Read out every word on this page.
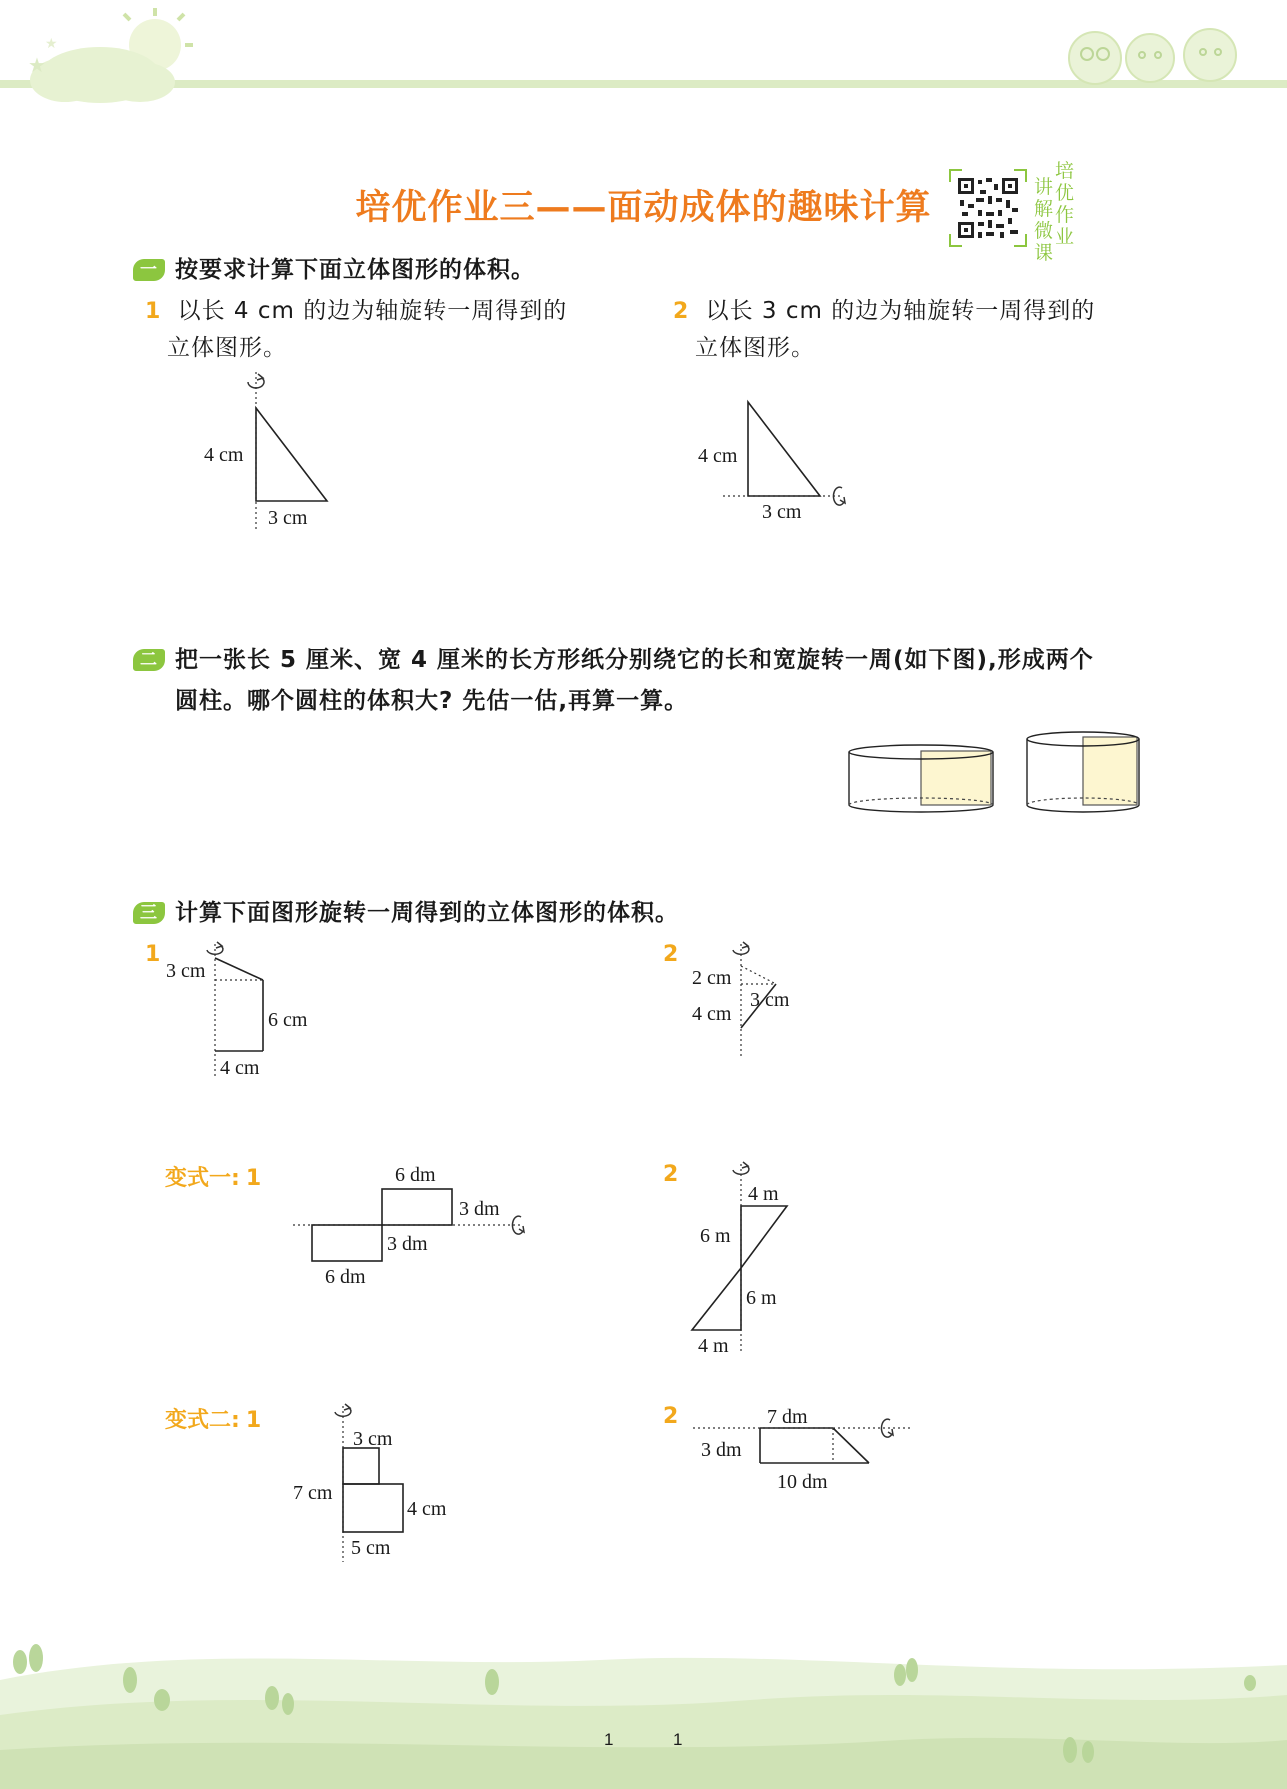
★
★
培优作业三——面动成体的趣味计算
讲
解
微
课
培
优
作
业
一 按要求计算下面立体图形的体积。
1 以长 4 cm 的边为轴旋转一周得到的
立体图形。
2 以长 3 cm 的边为轴旋转一周得到的
立体图形。
4 cm
3 cm
4 cm
3 cm
二 把一张长 5 厘米、宽 4 厘米的长方形纸分别绕它的长和宽旋转一周(如下图),形成两个
圆柱。哪个圆柱的体积大? 先估一估,再算一算。
三 计算下面图形旋转一周得到的立体图形的体积。
1
3 cm
6 cm
4 cm
2
2 cm
4 cm
3 cm
变式一: 1	6 dm
3 dm
3 dm
6 dm
2
4 m
6 m
6 m
4 m
变式二: 1
3 cm
7 cm
4 cm
5 cm
2	7 dm
3 dm
10 dm
1	1
